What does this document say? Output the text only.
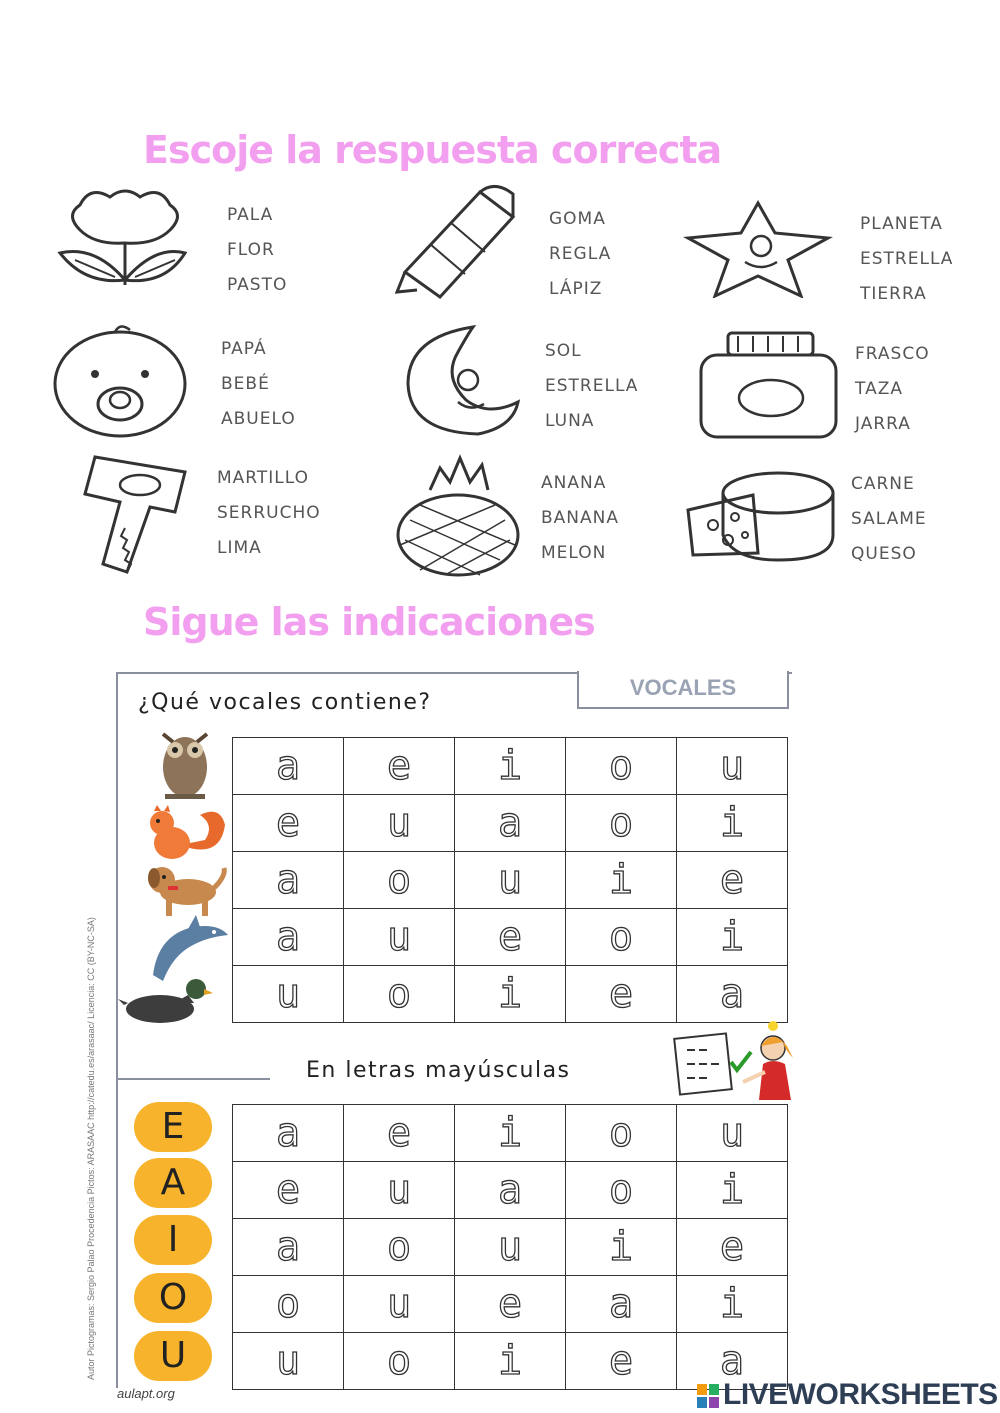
Escoje la respuesta correcta
Sigue las indicaciones
PALA
FLOR
PASTO
GOMA
REGLA
LÁPIZ
PLANETA
ESTRELLA
TIERRA
PAPÁ
BEBÉ
ABUELO
SOL
ESTRELLA
LUNA
FRASCO
TAZA
JARRA
MARTILLO
SERRUCHO
LIMA
ANANA
BANANA
MELON
CARNE
SALAME
QUESO
VOCALES
¿Qué vocales contiene?
a	e	i	o	u
e	u	a	o	i
a	o	u	i	e
a	u	e	o	i
u	o	i	e	a
En letras mayúsculas
E
A
I
O
U
a	e	i	o	u
e	u	a	o	i
a	o	u	i	e
o	u	e	a	i
u	o	i	e	a
Autor Pictogramas: Sergio Palao Procedencia Pictos: ARASAAC http://catedu.es/arasaac/ Licencia: CC (BY-NC-SA)
aulapt.org	LIVEWORKSHEETS
